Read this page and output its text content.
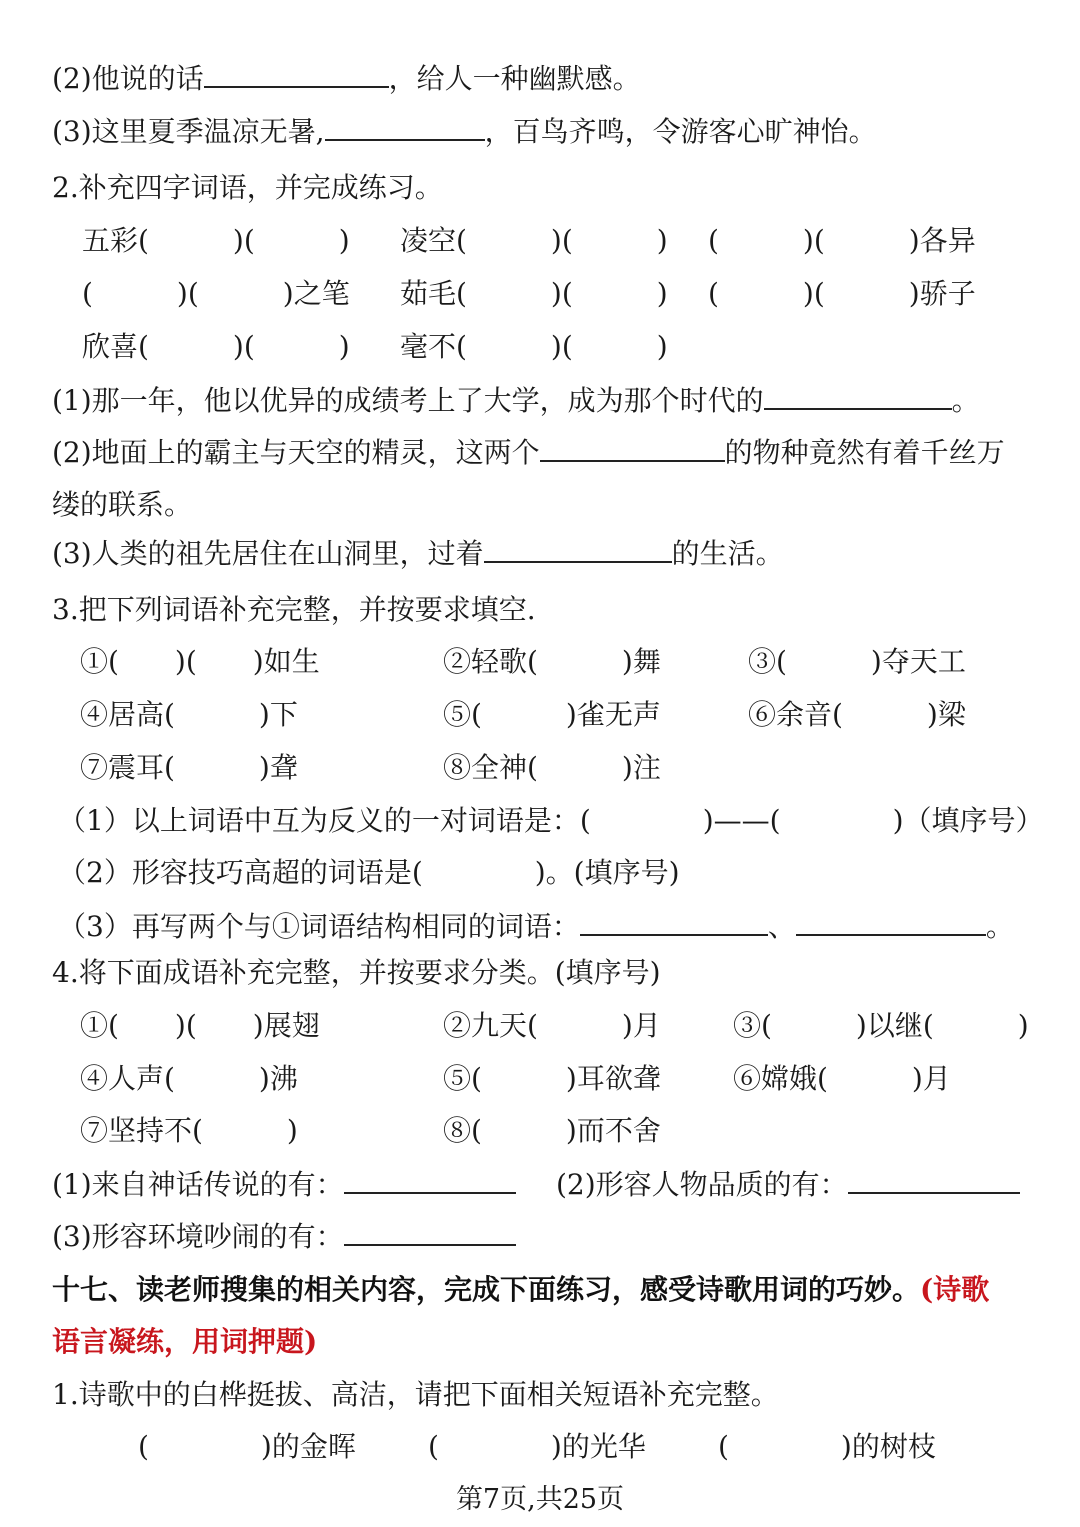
(2)他说的话	，给人一种幽默感。
(3)这里夏季温凉无暑,	，百鸟齐鸣，令游客心旷神怡。
2.补充四字词语，并完成练习。
五彩(　　　)(　　　) 凌空(　　　)(　　　) (　　　)(　　　)各异
(　　　)(　　　)之笔 茹毛(　　　)(　　　) (　　　)(　　　)骄子
欣喜(　　　)(　　　) 毫不(　　　)(　　　)
(1)那一年，他以优异的成绩考上了大学，成为那个时代的	。
(2)地面上的霸主与天空的精灵，这两个	的物种竟然有着千丝万
缕的联系。
(3)人类的祖先居住在山洞里，过着	的生活。
3.把下列词语补充完整，并按要求填空.
①(　　)(　　)如生	②轻歌(　　　)舞	③(　　　)夺天工
④居高(　　　)下	⑤(　　　)雀无声	⑥余音(　　　)梁
⑦震耳(　　　)聋	⑧全神(　　　)注
（1）以上词语中互为反义的一对词语是：(　　　　)——(　　　　)（填序号）
（2）形容技巧高超的词语是(　　　　)。(填序号)
（3）再写两个与①词语结构相同的词语：	、	。
4.将下面成语补充完整，并按要求分类。(填序号)
①(　　)(　　)展翅	②九天(　　　)月	③(　　　)以继(　　　)
④人声(　　　)沸	⑤(　　　)耳欲聋	⑥嫦娥(　　　)月
⑦坚持不(　　　)	⑧(　　　)而不舍
(1)来自神话传说的有：	(2)形容人物品质的有：
(3)形容环境吵闹的有：
十七、读老师搜集的相关内容，完成下面练习，感受诗歌用词的巧妙。(诗歌
语言凝练，用词押题)
1.诗歌中的白桦挺拔、高洁，请把下面相关短语补充完整。
(　　　　)的金晖	(　　　　)的光华	(　　　　)的树枝
第7页,共25页
